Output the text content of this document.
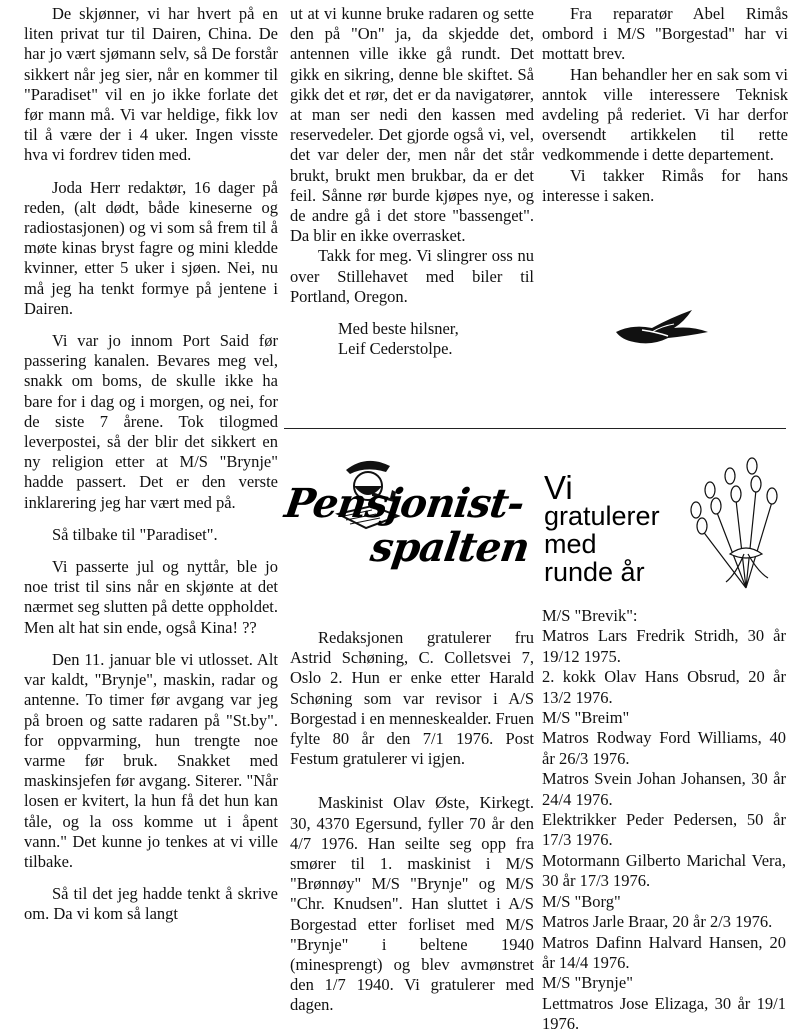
De skjønner, vi har hvert på en liten privat tur til Dairen, China. De har jo vært sjømann selv, så De forstår sikkert når jeg sier, når en kommer til "Paradiset" vil en jo ikke forlate det før mann må. Vi var heldige, fikk lov til å være der i 4 uker. Ingen visste hva vi fordrev tiden med.

Joda Herr redaktør, 16 dager på reden, (alt dødt, både kineserne og radiostasjonen) og vi som så frem til å møte kinas bryst fagre og mini kledde kvinner, etter 5 uker i sjøen. Nei, nu må jeg ha tenkt formye på jentene i Dairen.

Vi var jo innom Port Said før passering kanalen. Bevares meg vel, snakk om boms, de skulle ikke ha bare for i dag og i morgen, og nei, for de siste 7 årene. Tok tilogmed leverpostei, så der blir det sikkert en ny religion etter at M/S "Brynje" hadde passert. Det er den verste inklarering jeg har vært med på.

Så tilbake til "Paradiset".

Vi passerte jul og nyttår, ble jo noe trist til sins når en skjønte at det nærmet seg slutten på dette oppholdet. Men alt hat sin ende, også Kina! ??

Den 11. januar ble vi utlosset. Alt var kaldt, "Brynje", maskin, radar og antenne. To timer før avgang var jeg på broen og satte radaren på "St.by". for oppvarming, hun trengte noe varme før bruk. Snakket med maskinsjefen før avgang. Siterer. "Når losen er kvitert, la hun få det hun kan tåle, og la oss komme ut i åpent vann." Det kunne jo tenkes at vi ville tilbake.

Så til det jeg hadde tenkt å skrive om. Da vi kom så langt

ut at vi kunne bruke radaren og sette den på "On" ja, da skjedde det, antennen ville ikke gå rundt. Det gikk en sikring, denne ble skiftet. Så gikk det et rør, det er da navigatører, at man ser nedi den kassen med reservedeler. Det gjorde også vi, vel, det var deler der, men når det står brukt, brukt men brukbar, da er det feil. Sånne rør burde kjøpes nye, og de andre gå i det store "bassenget". Da blir en ikke overrasket.

Takk for meg. Vi slingrer oss nu over Stillehavet med biler til Portland, Oregon.

Med beste hilsner,

Leif Cederstolpe.

Fra reparatør Abel Rimås ombord i M/S "Borgestad" har vi mottatt brev.

Han behandler her en sak som vi anntok ville interessere Teknisk avdeling på rederiet. Vi har derfor oversendt artikkelen til rette vedkommende i dette departement.

Vi takker Rimås for hans interesse i saken.

Pensjonist-
spalten
Vi
gratulerer
med
runde år

Redaksjonen gratulerer fru Astrid Schøning, C. Colletsvei 7, Oslo 2. Hun er enke etter Harald Schøning som var revisor i A/S Borgestad i en menneskealder. Fruen fylte 80 år den 7/1 1976. Post Festum gratulerer vi igjen.

Maskinist Olav Øste, Kirkegt. 30, 4370 Egersund, fyller 70 år den 4/7 1976. Han seilte seg opp fra smører til 1. maskinist i M/S "Brønnøy" M/S "Brynje" og M/S "Chr. Knudsen". Han sluttet i A/S Borgestad etter forliset med M/S "Brynje" i beltene 1940 (minesprengt) og blev avmønstret den 1/7 1940. Vi gratulerer med dagen.

M/S "Brevik":

Matros Lars Fredrik Stridh, 30 år 19/12 1975.

2. kokk Olav Hans Obsrud, 20 år 13/2 1976.

M/S "Breim"

Matros Rodway Ford Williams, 40 år 26/3 1976.

Matros Svein Johan Johansen, 30 år 24/4 1976.

Elektrikker Peder Pedersen, 50 år 17/3 1976.

Motormann Gilberto Marichal Vera, 30 år 17/3 1976.

M/S "Borg"

Matros Jarle Braar, 20 år 2/3 1976.

Matros Dafinn Halvard Hansen, 20 år 14/4 1976.

M/S "Brynje"

Lettmatros Jose Elizaga, 30 år 19/1 1976.
